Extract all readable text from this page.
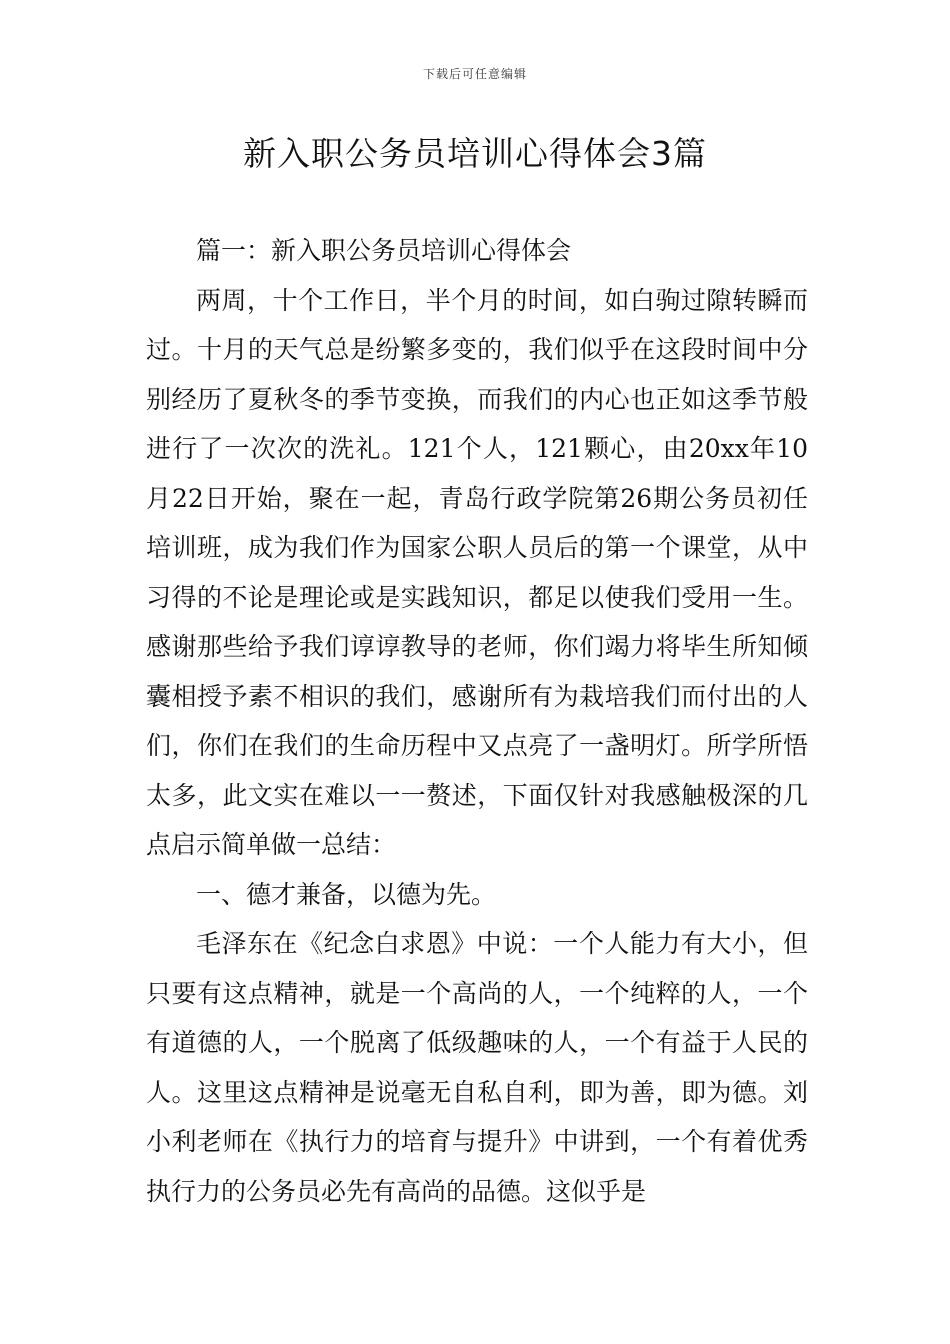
下载后可任意编辑
新入职公务员培训心得体会3篇

篇一：新入职公务员培训心得体会

两周，十个工作日，半个月的时间，如白驹过隙转瞬而过。十月的天气总是纷繁多变的，我们似乎在这段时间中分别经历了夏秋冬的季节变换，而我们的内心也正如这季节般进行了一次次的洗礼。121个人，121颗心，由20xx年10月22日开始，聚在一起，青岛行政学院第26期公务员初任培训班，成为我们作为国家公职人员后的第一个课堂，从中习得的不论是理论或是实践知识，都足以使我们受用一生。感谢那些给予我们谆谆教导的老师，你们竭力将毕生所知倾囊相授予素不相识的我们，感谢所有为栽培我们而付出的人们，你们在我们的生命历程中又点亮了一盏明灯。所学所悟太多，此文实在难以一一赘述，下面仅针对我感触极深的几点启示简单做一总结：

一、德才兼备，以德为先。

毛泽东在《纪念白求恩》中说：一个人能力有大小，但只要有这点精神，就是一个高尚的人，一个纯粹的人，一个有道德的人，一个脱离了低级趣味的人，一个有益于人民的人。这里这点精神是说毫无自私自利，即为善，即为德。刘小利老师在《执行力的培育与提升》中讲到，一个有着优秀执行力的公务员必先有高尚的品德。这似乎是
